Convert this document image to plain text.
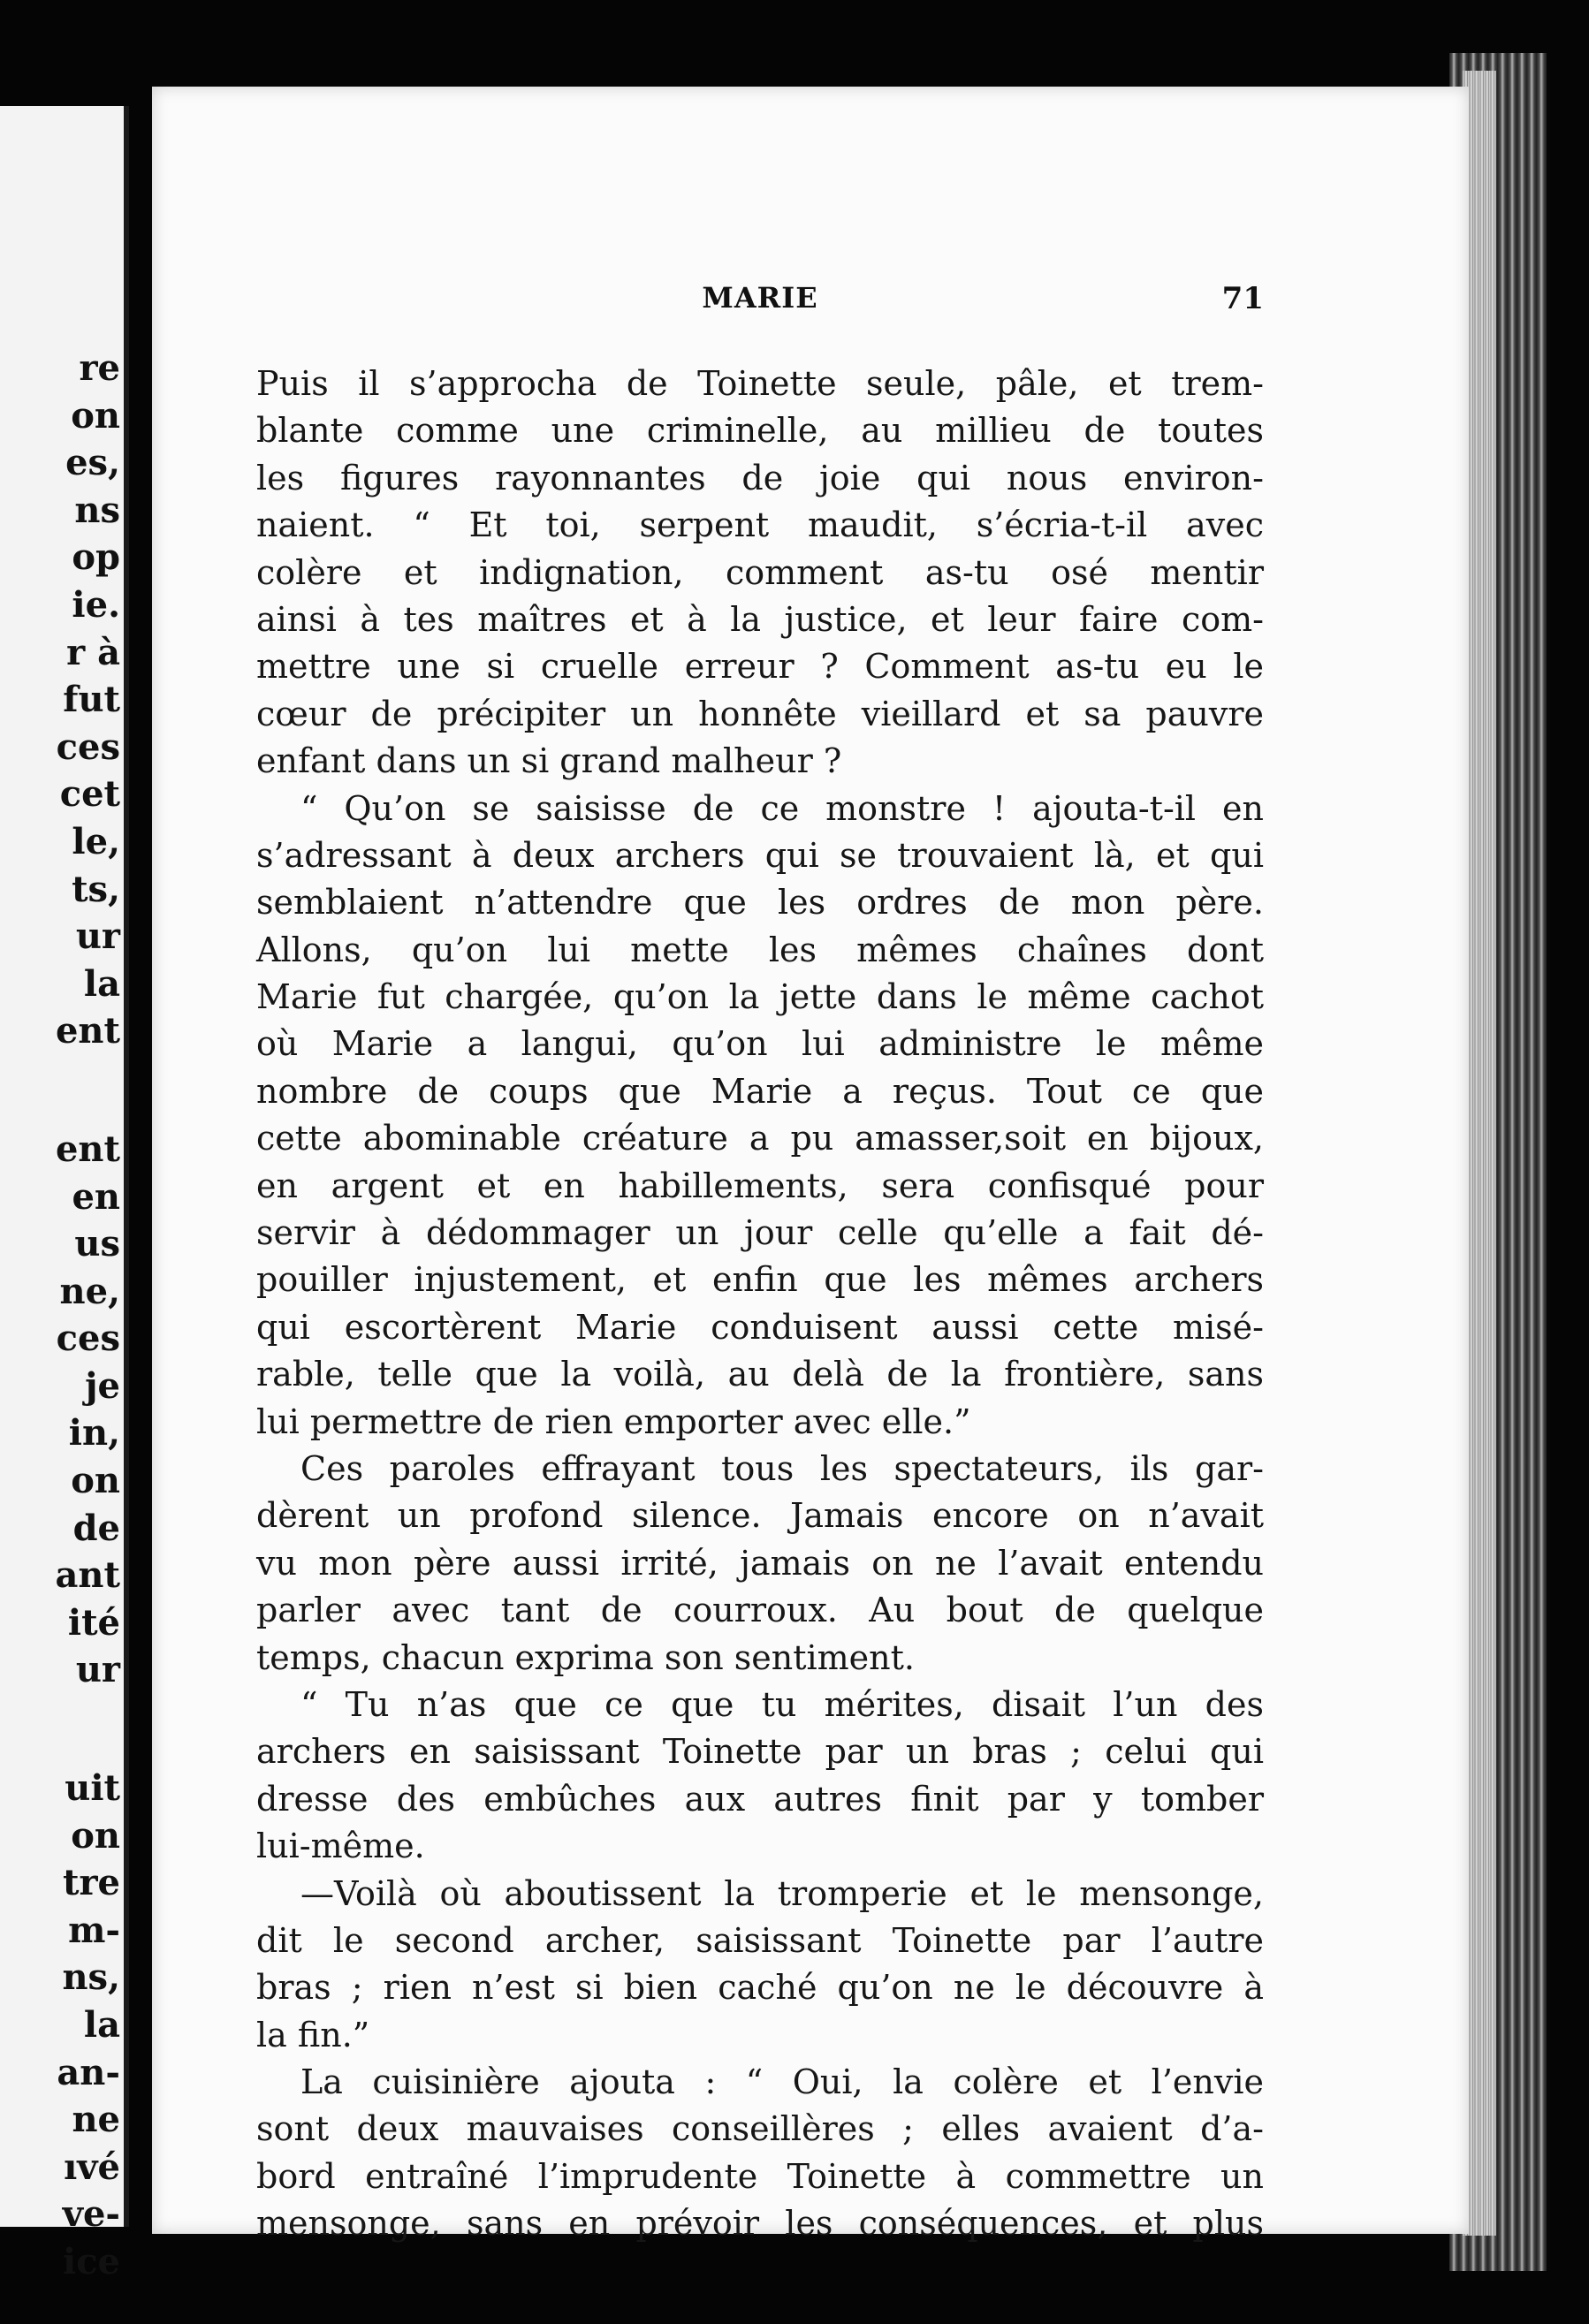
re
on
es,
ns
op
ie.
r à
fut
ces
cet
le,
ts,
ur
la
ent
ent
en
us
ne,
ces
je
in,
on
de
ant
ité
ur
uit
on
tre
m-
ns,
la
an-
ne
ıvé
ve-
ice
MARIE	71
Puis il s’approcha de Toinette seule, pâle, et trem-
blante comme une criminelle, au millieu de toutes
les figures rayonnantes de joie qui nous environ-
naient. “ Et toi, serpent maudit, s’écria-t-il avec
colère et indignation, comment as-tu osé mentir
ainsi à tes maîtres et à la justice, et leur faire com-
mettre une si cruelle erreur ? Comment as-tu eu le
cœur de précipiter un honnête vieillard et sa pauvre
enfant dans un si grand malheur ?
“ Qu’on se saisisse de ce monstre ! ajouta-t-il en
s’adressant à deux archers qui se trouvaient là, et qui
semblaient n’attendre que les ordres de mon père.
Allons, qu’on lui mette les mêmes chaînes dont
Marie fut chargée, qu’on la jette dans le même cachot
où Marie a langui, qu’on lui administre le même
nombre de coups que Marie a reçus. Tout ce que
cette abominable créature a pu amasser,soit en bijoux,
en argent et en habillements, sera confisqué pour
servir à dédommager un jour celle qu’elle a fait dé-
pouiller injustement, et enfin que les mêmes archers
qui escortèrent Marie conduisent aussi cette misé-
rable, telle que la voilà, au delà de la frontière, sans
lui permettre de rien emporter avec elle.”
Ces paroles effrayant tous les spectateurs, ils gar-
dèrent un profond silence. Jamais encore on n’avait
vu mon père aussi irrité, jamais on ne l’avait entendu
parler avec tant de courroux. Au bout de quelque
temps, chacun exprima son sentiment.
“ Tu n’as que ce que tu mérites, disait l’un des
archers en saisissant Toinette par un bras ; celui qui
dresse des embûches aux autres finit par y tomber
lui-même.
—Voilà où aboutissent la tromperie et le mensonge,
dit le second archer, saisissant Toinette par l’autre
bras ; rien n’est si bien caché qu’on ne le découvre à
la fin.”
La cuisinière ajouta : “ Oui, la colère et l’envie
sont deux mauvaises conseillères ; elles avaient d’a-
bord entraîné l’imprudente Toinette à commettre un
mensonge, sans en prévoir les conséquences, et plus
